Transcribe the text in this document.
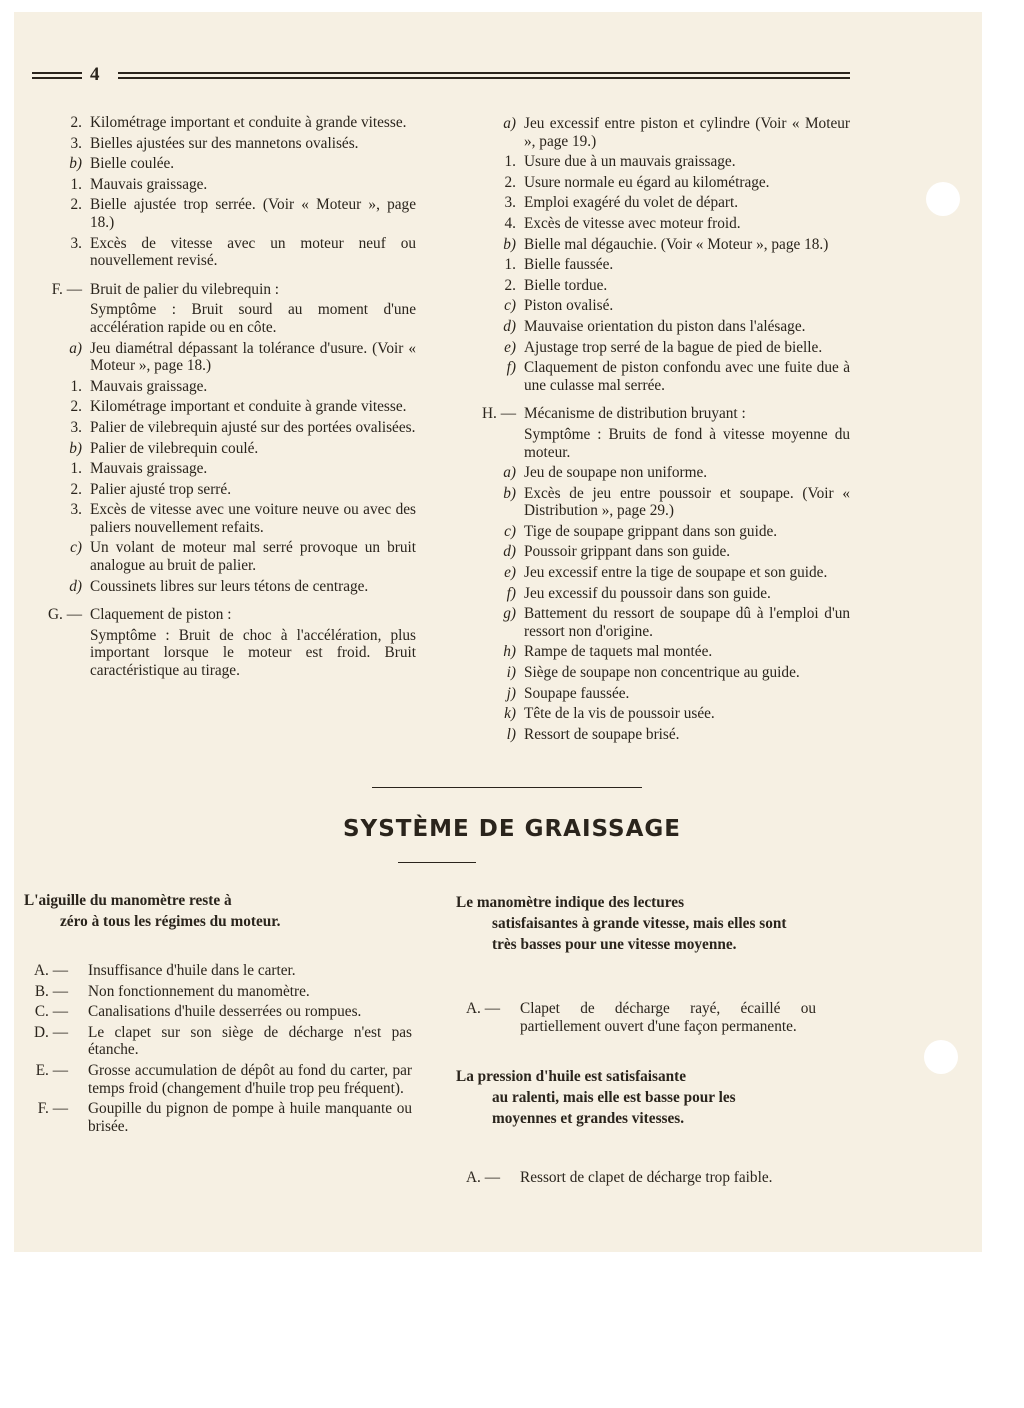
4
2. Kilométrage important et conduite à grande vitesse.
3. Bielles ajustées sur des mannetons ovalisés.
b) Bielle coulée.
1. Mauvais graissage.
2. Bielle ajustée trop serrée. (Voir « Moteur », page 18.)
3. Excès de vitesse avec un moteur neuf ou nouvellement revisé.
F. — Bruit de palier du vilebrequin :
Symptôme : Bruit sourd au moment d'une accélération rapide ou en côte.
a) Jeu diamétral dépassant la tolérance d'usure. (Voir « Moteur », page 18.)
1. Mauvais graissage.
2. Kilométrage important et conduite à grande vitesse.
3. Palier de vilebrequin ajusté sur des portées ovalisées.
b) Palier de vilebrequin coulé.
1. Mauvais graissage.
2. Palier ajusté trop serré.
3. Excès de vitesse avec une voiture neuve ou avec des paliers nouvellement refaits.
c) Un volant de moteur mal serré provoque un bruit analogue au bruit de palier.
d) Coussinets libres sur leurs tétons de centrage.
G. — Claquement de piston :
Symptôme : Bruit de choc à l'accélération, plus important lorsque le moteur est froid. Bruit caractéristique au tirage.
a) Jeu excessif entre piston et cylindre (Voir « Moteur », page 19.)
1. Usure due à un mauvais graissage.
2. Usure normale eu égard au kilométrage.
3. Emploi exagéré du volet de départ.
4. Excès de vitesse avec moteur froid.
b) Bielle mal dégauchie. (Voir « Moteur », page 18.)
1. Bielle faussée.
2. Bielle tordue.
c) Piston ovalisé.
d) Mauvaise orientation du piston dans l'alésage.
e) Ajustage trop serré de la bague de pied de bielle.
f) Claquement de piston confondu avec une fuite due à une culasse mal serrée.
H. — Mécanisme de distribution bruyant :
Symptôme : Bruits de fond à vitesse moyenne du moteur.
a) Jeu de soupape non uniforme.
b) Excès de jeu entre poussoir et soupape. (Voir « Distribution », page 29.)
c) Tige de soupape grippant dans son guide.
d) Poussoir grippant dans son guide.
e) Jeu excessif entre la tige de soupape et son guide.
f) Jeu excessif du poussoir dans son guide.
g) Battement du ressort de soupape dû à l'emploi d'un ressort non d'origine.
h) Rampe de taquets mal montée.
i) Siège de soupape non concentrique au guide.
j) Soupape faussée.
k) Tête de la vis de poussoir usée.
l) Ressort de soupape brisé.
SYSTÈME DE GRAISSAGE
L'aiguille du manomètre reste à
zéro à tous les régimes du moteur.
A. — Insuffisance d'huile dans le carter.
B. — Non fonctionnement du manomètre.
C. — Canalisations d'huile desserrées ou rompues.
D. — Le clapet sur son siège de décharge n'est pas étanche.
E. — Grosse accumulation de dépôt au fond du carter, par temps froid (changement d'huile trop peu fréquent).
F. — Goupille du pignon de pompe à huile manquante ou brisée.
Le manomètre indique des lectures
satisfaisantes à grande vitesse, mais elles sont très basses pour une vitesse moyenne.
A. — Clapet de décharge rayé, écaillé ou partiellement ouvert d'une façon permanente.
La pression d'huile est satisfaisante
au ralenti, mais elle est basse pour les moyennes et grandes vitesses.
A. — Ressort de clapet de décharge trop faible.
